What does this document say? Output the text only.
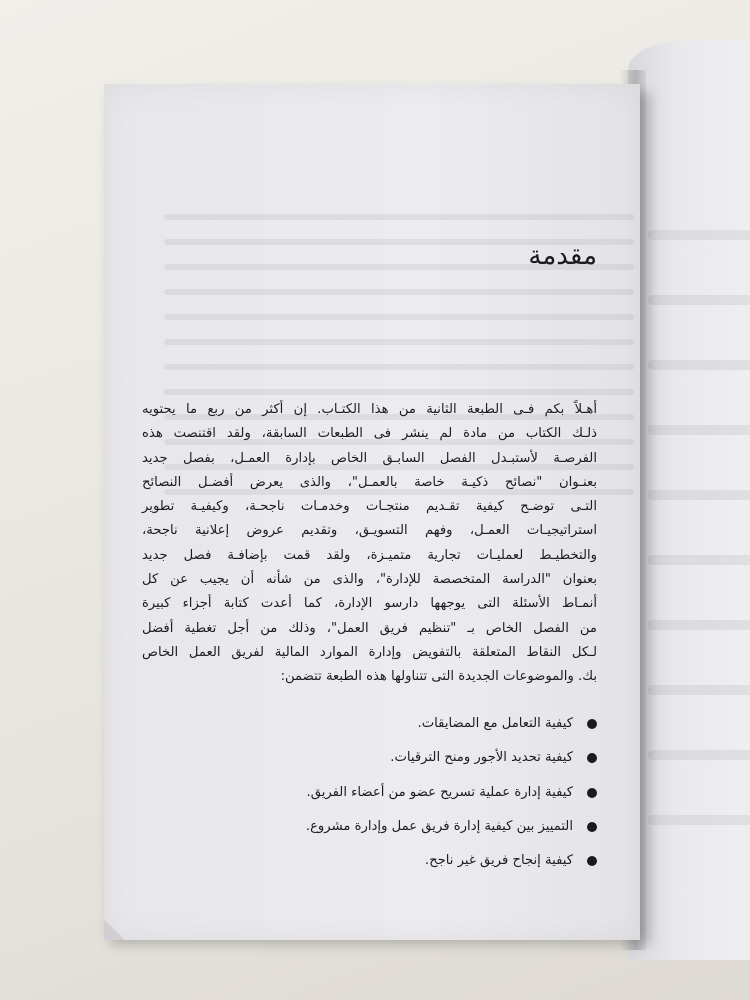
مقدمة
أهـلاً بكم فـى الطبعة الثانية من هذا الكتـاب. إن أكثر من ربع ما يحتويه
ذلـك الكتاب من مادة لم ينشر فى الطبعات السابقة، ولقد اقتنصت هذه
الفرصـة لأستبـدل الفصل السابـق الخاص بإدارة العمـل، بفصل جديد
بعنـوان "نصائح ذكيـة خاصة بالعمـل"، والذى يعرض أفضـل النصائح
التـى توضـح كيفية تقـديم منتجـات وخدمـات ناجحـة، وكيفيـة تطوير
استراتيجيـات العمـل، وفهم التسويـق، وتقديم عروض إعلانية ناجحة،
والتخطيـط لعمليـات تجارية متميـزة، ولقد قمت بإضافـة فصل جديد
بعنوان "الدراسة المتخصصة للإدارة"، والذى من شأنه أن يجيب عن كل
أنمـاط الأسئلة التى يوجهها دارسو الإدارة، كما أعدت كتابة أجزاء كبيرة
من الفصل الخاص بـ "تنظيم فريق العمل"، وذلك من أجل تغطية أفضل
لـكل النقاط المتعلقة بالتفويض وإدارة الموارد المالية لفريق العمل الخاص
بك. والموضوعات الجديدة التى تتناولها هذه الطبعة تتضمن:
كيفية التعامل مع المضايقات.
كيفية تحديد الأجور ومنح الترقيات.
كيفية إدارة عملية تسريح عضو من أعضاء الفريق.
التمييز بين كيفية إدارة فريق عمل وإدارة مشروع.
كيفية إنجاح فريق غير ناجح.
